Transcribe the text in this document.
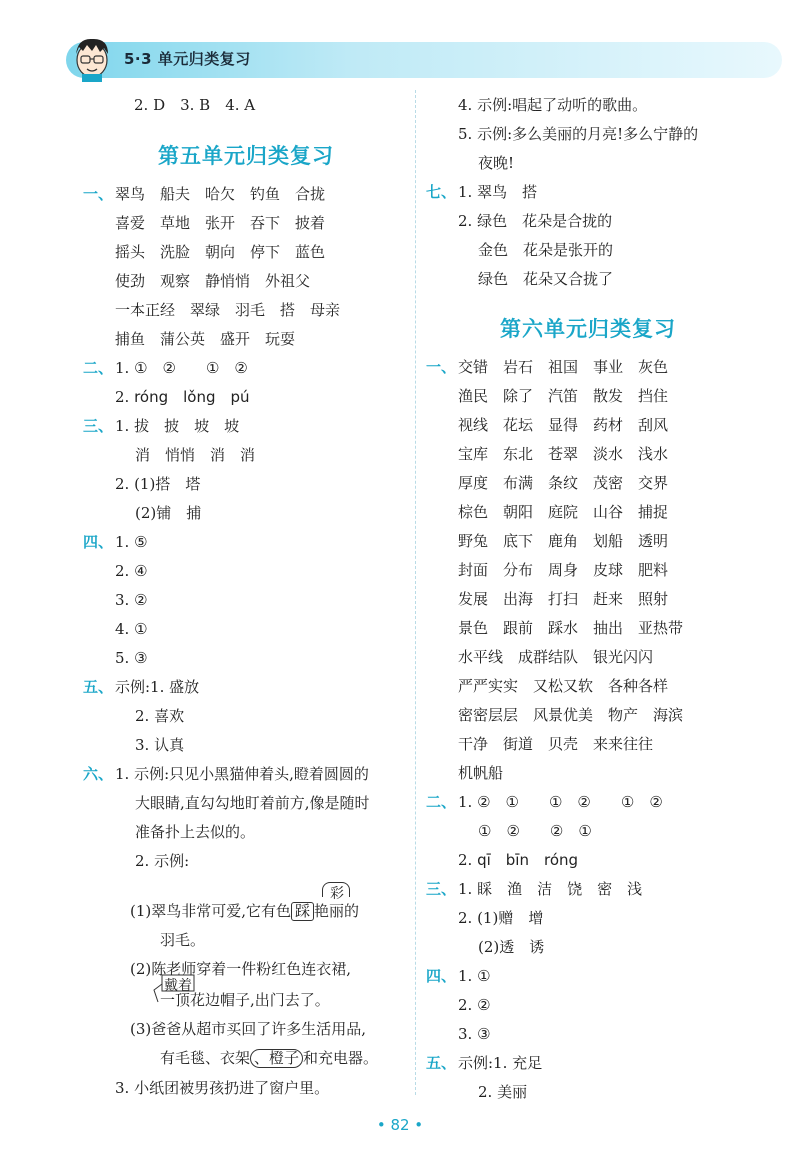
5·3 单元归类复习
2. D　3. B　4. A
第五单元归类复习
一、 翠鸟　船夫　哈欠　钓鱼　合拢
喜爱　草地　张开　吞下　披着
摇头　洗脸　朝向　停下　蓝色
使劲　观察　静悄悄　外祖父
一本正经　翠绿　羽毛　搭　母亲
捕鱼　蒲公英　盛开　玩耍
二、 1. ①　②　　①　②
2. róng　lǒng　pú
三、 1. 拔　披　坡　坡
消　悄悄　消　消
2. (1)搭　塔
(2)铺　捕
四、 1. ⑤
2. ④
3. ②
4. ①
5. ③
五、 示例:1. 盛放
2. 喜欢
3. 认真
六、 1. 示例:只见小黑猫伸着头,瞪着圆圆的
大眼睛,直勾勾地盯着前方,像是随时
准备扑上去似的。
2. 示例:
彩
(1)翠鸟非常可爱,它有色 踩 艳丽的
羽毛。
(2)陈老师穿着一件粉红色连衣裙,
戴着
一顶花边帽子,出门去了。
(3)爸爸从超市买回了许多生活用品,
有毛毯、衣架 、橙子 和充电器。
3. 小纸团被男孩扔进了窗户里。
4. 示例:唱起了动听的歌曲。
5. 示例:多么美丽的月亮!多么宁静的
夜晚!
七、 1. 翠鸟　搭
2. 绿色　花朵是合拢的
金色　花朵是张开的
绿色　花朵又合拢了
第六单元归类复习
一、 交错　岩石　祖国　事业　灰色
渔民　除了　汽笛　散发　挡住
视线　花坛　显得　药材　刮风
宝库　东北　苍翠　淡水　浅水
厚度　布满　条纹　茂密　交界
棕色　朝阳　庭院　山谷　捕捉
野兔　底下　鹿角　划船　透明
封面　分布　周身　皮球　肥料
发展　出海　打扫　赶来　照射
景色　跟前　踩水　抽出　亚热带
水平线　成群结队　银光闪闪
严严实实　又松又软　各种各样
密密层层　风景优美　物产　海滨
干净　街道　贝壳　来来往往
机帆船
二、 1. ②　①　　①　②　　①　②
①　②　　②　①
2. qī　bīn　róng
三、 1. 睬　渔　洁　饶　密　浅
2. (1)赠　增
(2)透　诱
四、 1. ①
2. ②
3. ③
五、 示例:1. 充足
2. 美丽
• 82 •
